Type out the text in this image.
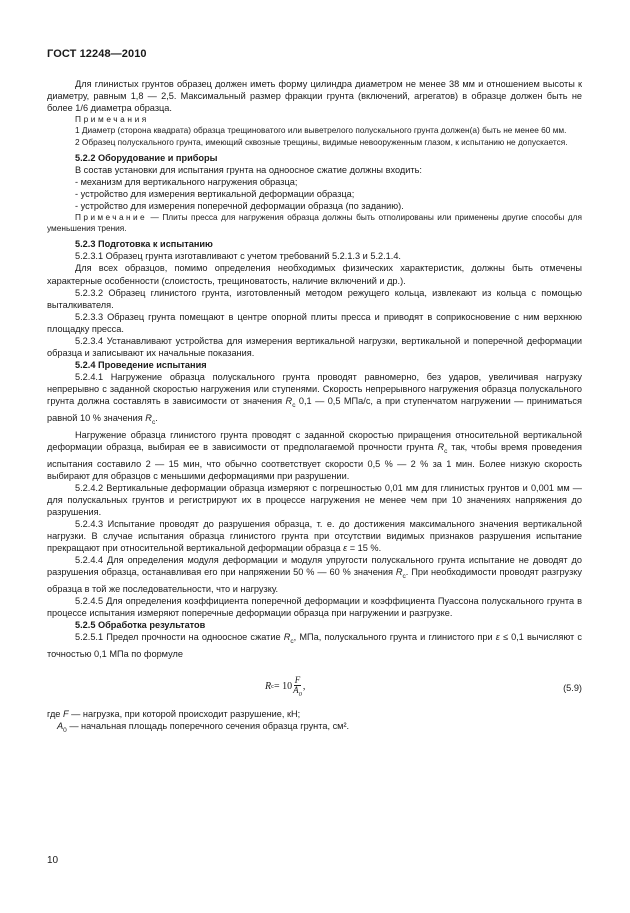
ГОСТ 12248—2010

Для глинистых грунтов образец должен иметь форму цилиндра диаметром не менее 38 мм и отношением высоты к диаметру, равным 1,8 — 2,5. Максимальный размер фракции грунта (включений, агрегатов) в образце должен быть не более 1/6 диаметра образца.

Примечания

1 Диаметр (сторона квадрата) образца трещиноватого или выветрелого полускального грунта должен(а) быть не менее 60 мм.

2 Образец полускального грунта, имеющий сквозные трещины, видимые невооруженным глазом, к испытанию не допускается.

5.2.2 Оборудование и приборы

В состав установки для испытания грунта на одноосное сжатие должны входить:

- механизм для вертикального нагружения образца;

- устройство для измерения вертикальной деформации образца;

- устройство для измерения поперечной деформации образца (по заданию).

Примечание — Плиты пресса для нагружения образца должны быть отполированы или применены другие способы для уменьшения трения.

5.2.3 Подготовка к испытанию

5.2.3.1 Образец грунта изготавливают с учетом требований 5.2.1.3 и 5.2.1.4.

Для всех образцов, помимо определения необходимых физических характеристик, должны быть отмечены характерные особенности (слоистость, трещиноватость, наличие включений и др.).

5.2.3.2 Образец глинистого грунта, изготовленный методом режущего кольца, извлекают из кольца с помощью выталкивателя.

5.2.3.3 Образец грунта помещают в центре опорной плиты пресса и приводят в соприкосновение с ним верхнюю площадку пресса.

5.2.3.4 Устанавливают устройства для измерения вертикальной нагрузки, вертикальной и поперечной деформации образца и записывают их начальные показания.

5.2.4 Проведение испытания

5.2.4.1 Нагружение образца полускального грунта проводят равномерно, без ударов, увеличивая нагрузку непрерывно с заданной скоростью нагружения или ступенями. Скорость непрерывного нагружения образца полускального грунта должна составлять в зависимости от значения $R_c$ 0,1 — 0,5 МПа/с, а при ступенчатом нагружении — приниматься равной 10 % значения $R_c$.

Нагружение образца глинистого грунта проводят с заданной скоростью приращения относительной вертикальной деформации образца, выбирая ее в зависимости от предполагаемой прочности грунта $R_c$ так, чтобы время проведения испытания составило 2 — 15 мин, что обычно соответствует скорости 0,5 % — 2 % за 1 мин. Более низкую скорость выбирают для образцов с меньшими деформациями при разрушении.

5.2.4.2 Вертикальные деформации образца измеряют с погрешностью 0,01 мм для глинистых грунтов и 0,001 мм — для полускальных грунтов и регистрируют их в процессе нагружения не менее чем при 10 значениях напряжения до разрушения.

5.2.4.3 Испытание проводят до разрушения образца, т. е. до достижения максимального значения вертикальной нагрузки. В случае испытания образца глинистого грунта при отсутствии видимых признаков разрушения испытание прекращают при относительной вертикальной деформации образца ε = 15 %.

5.2.4.4 Для определения модуля деформации и модуля упругости полускального грунта испытание не доводят до разрушения образца, останавливая его при напряжении 50 % — 60 % значения $R_c$. При необходимости проводят разгрузку образца в той же последовательности, что и нагрузку.

5.2.4.5 Для определения коэффициента поперечной деформации и коэффициента Пуассона полускального грунта в процессе испытания измеряют поперечные деформации образца при нагружении и разгрузке.

5.2.5 Обработка результатов

5.2.5.1 Предел прочности на одноосное сжатие $R_c$, МПа, полускального грунта и глинистого при ε ≤ 0,1 вычисляют с точностью 0,1 МПа по формуле

R $c = 10 \frac{F}{A_0}$ ,	(5.9)

где F — нагрузка, при которой происходит разрушение, кН;

$A_0$ — начальная площадь поперечного сечения образца грунта, см².

10
